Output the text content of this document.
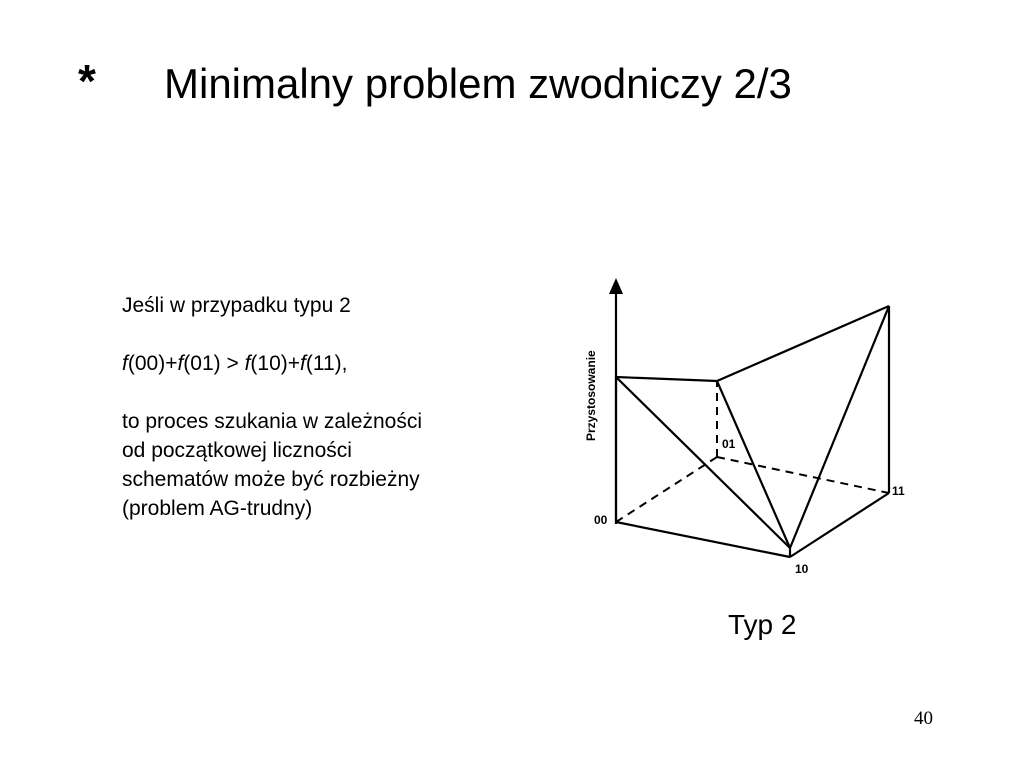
* Minimalny problem zwodniczy 2/3
Jeśli w przypadku typu 2
f(00)+f(01) > f(10)+f(11),
to proces szukania w zależności
od początkowej liczności
schematów może być rozbieżny
(problem AG-trudny)
Przystosowanie
00
01
10
11
Typ 2
40
